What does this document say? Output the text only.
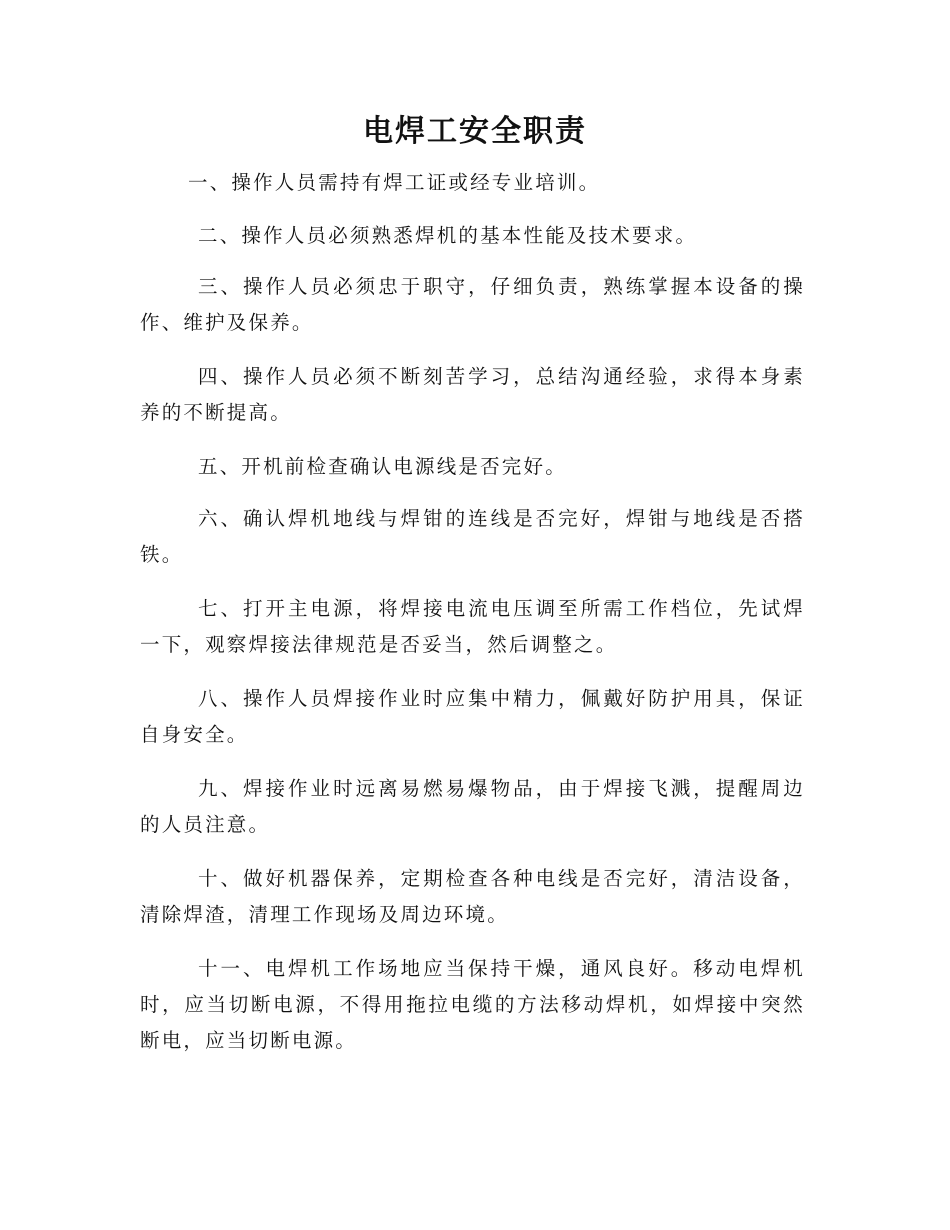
电焊工安全职责

一、操作人员需持有焊工证或经专业培训。

二、操作人员必须熟悉焊机的基本性能及技术要求。

三、操作人员必须忠于职守，仔细负责，熟练掌握本设备的操作、维护及保养。

四、操作人员必须不断刻苦学习，总结沟通经验，求得本身素养的不断提高。

五、开机前检查确认电源线是否完好。

六、确认焊机地线与焊钳的连线是否完好，焊钳与地线是否搭铁。

七、打开主电源，将焊接电流电压调至所需工作档位，先试焊一下，观察焊接法律规范是否妥当，然后调整之。

八、操作人员焊接作业时应集中精力，佩戴好防护用具，保证自身安全。

九、焊接作业时远离易燃易爆物品，由于焊接飞溅，提醒周边的人员注意。

十、做好机器保养，定期检查各种电线是否完好，清洁设备，清除焊渣，清理工作现场及周边环境。

十一、电焊机工作场地应当保持干燥，通风良好。移动电焊机时，应当切断电源，不得用拖拉电缆的方法移动焊机，如焊接中突然断电，应当切断电源。
